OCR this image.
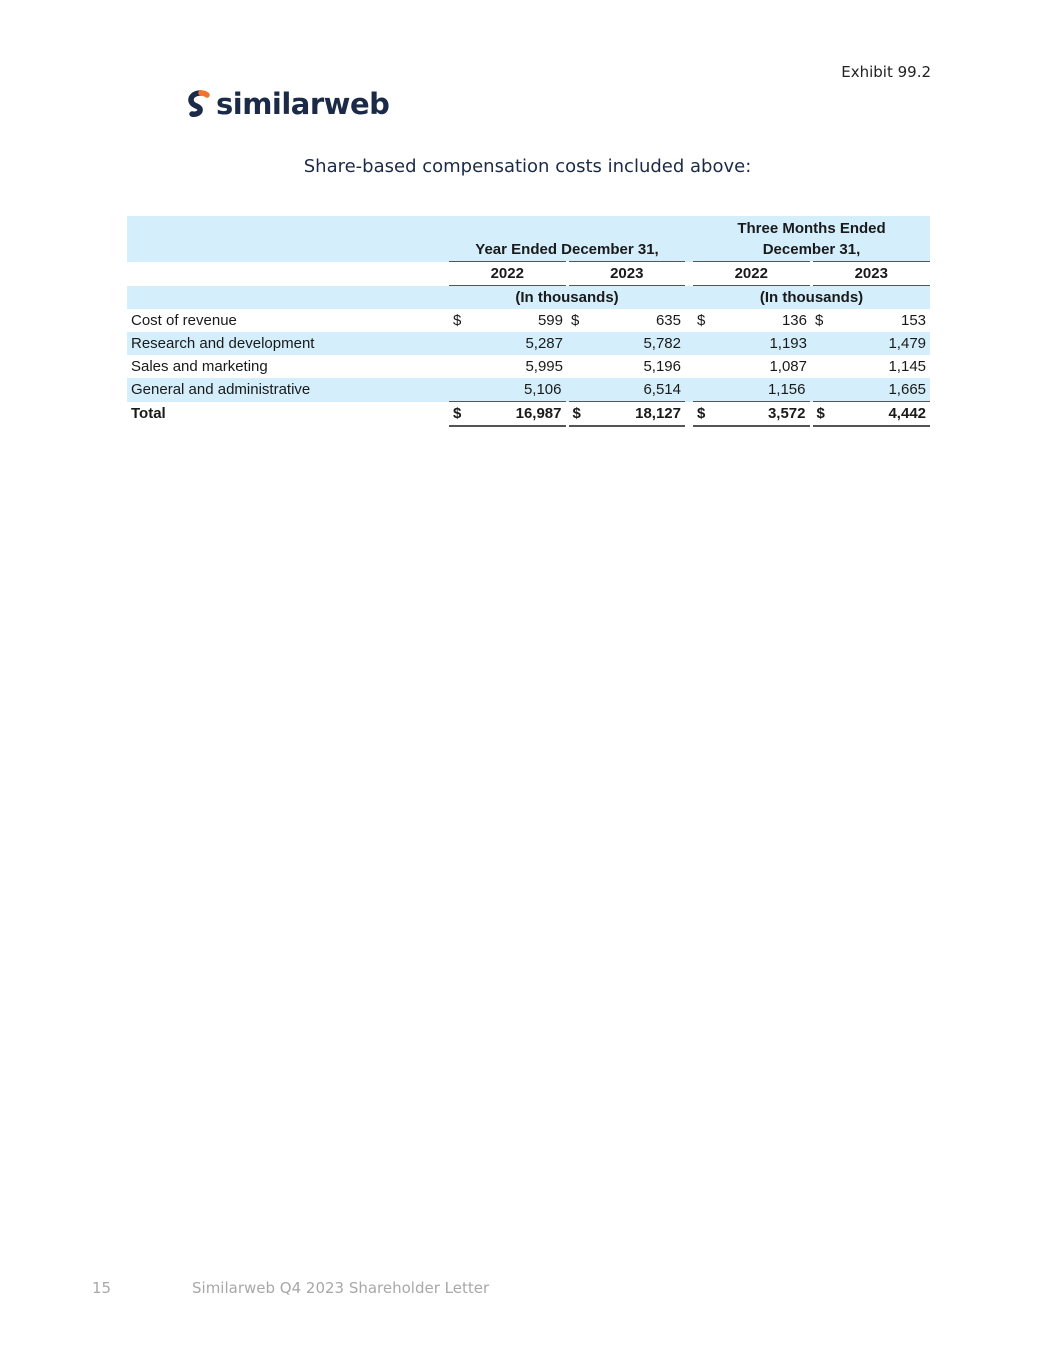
Exhibit 99.2
similarweb
Share-based compensation costs included above:
		Year Ended December 31,					Three Months Ended December 31,			
		2022		2023			2022		2023	
		(In thousands)					(In thousands)			
Cost of revenue		$	599	$	635		$	136	$	153
Research and development			5,287		5,782			1,193		1,479
Sales and marketing			5,995		5,196			1,087		1,145
General and administrative			5,106		6,514			1,156		1,665
Total		$	16,987	$	18,127		$	3,572	$	4,442
15	Similarweb Q4 2023 Shareholder Letter
